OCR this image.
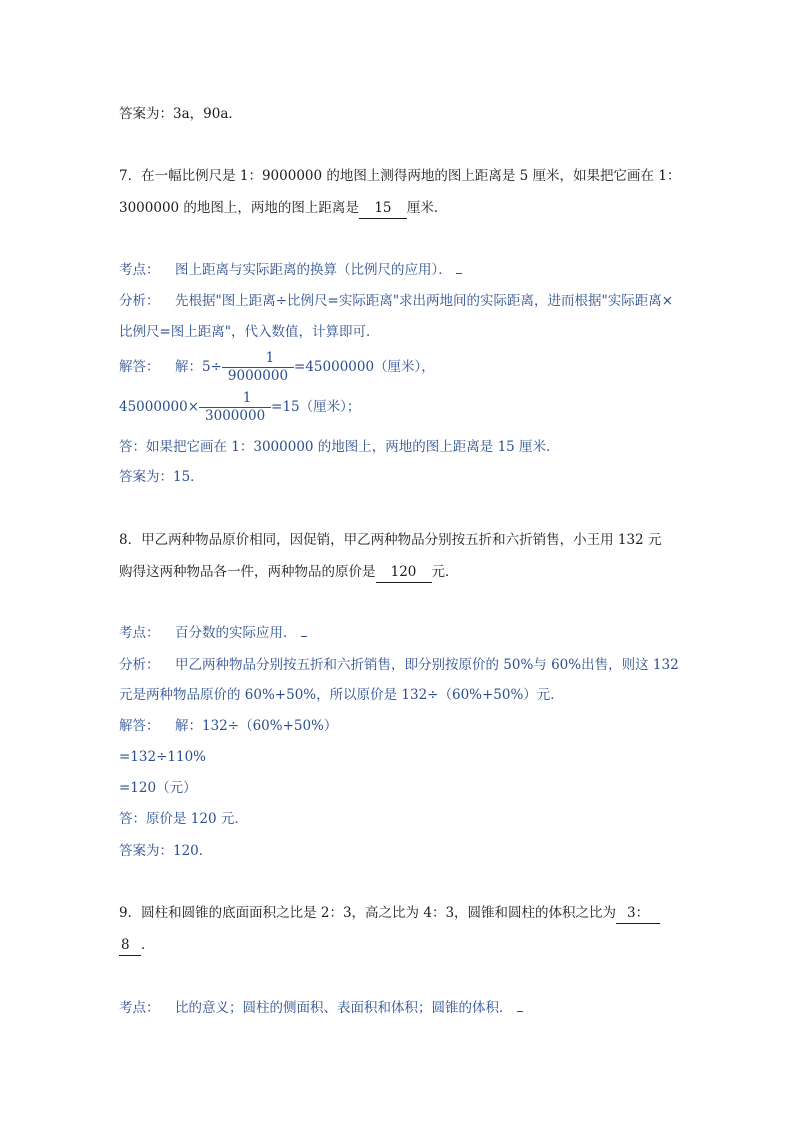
答案为：3a，90a．
7．在一幅比例尺是 1：9000000 的地图上测得两地的图上距离是 5 厘米，如果把它画在 1：
3000000 的地图上，两地的图上距离是 15 厘米．
考点： 图上距离与实际距离的换算（比例尺的应用）．
分析： 先根据"图上距离÷比例尺=实际距离"求出两地间的实际距离，进而根据"实际距离×
比例尺=图上距离"，代入数值，计算即可．
解答： 解：$5\div \frac{1}{9000000} =45000000$（厘米），
$45000000\times \frac{1}{3000000} =15$（厘米）；
答：如果把它画在 1：3000000 的地图上，两地的图上距离是 15 厘米．
答案为：15．
8．甲乙两种物品原价相同，因促销，甲乙两种物品分别按五折和六折销售，小王用 132 元
购得这两种物品各一件，两种物品的原价是 120 元．
考点： 百分数的实际应用．
分析： 甲乙两种物品分别按五折和六折销售，即分别按原价的 50%与 60%出售，则这 132
元是两种物品原价的 60%+50%，所以原价是 132÷（60%+50%）元．
解答： 解：132÷（60%+50%）
=132÷110%
=120（元）
答：原价是 120 元．
答案为：120．
9．圆柱和圆锥的底面面积之比是 2：3，高之比为 4：3，圆锥和圆柱的体积之比为 3：
8 ．
考点： 比的意义；圆柱的侧面积、表面积和体积；圆锥的体积．
